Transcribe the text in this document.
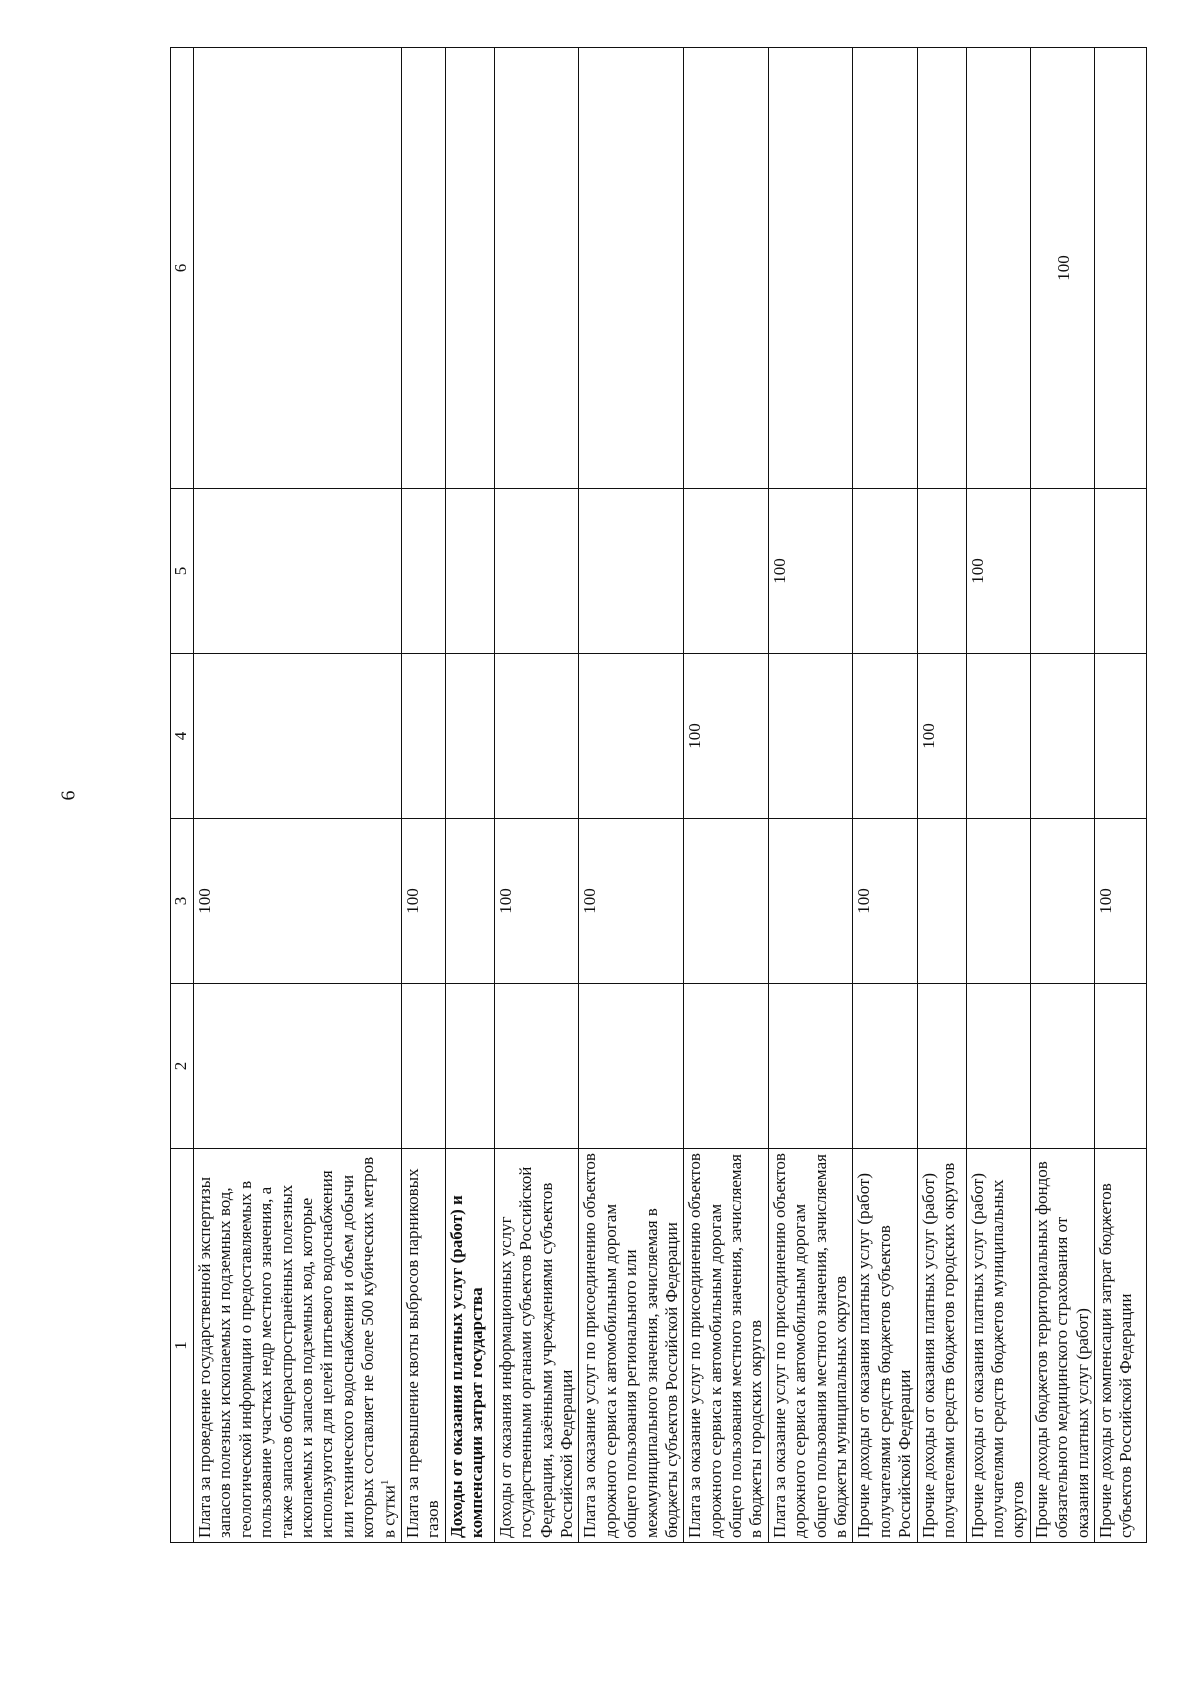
6
1	2	3	4	5	6
Плата за проведение государственной экспертизы запасов полезных ископаемых и подземных вод, геологической информации о предоставляемых в пользование участках недр местного значения, а также запасов общераспространённых полезных ископаемых и запасов подземных вод, которые используются для целей питьевого водоснабжения или технического водоснабжения и объем добычи которых составляет не более 500 кубических метров в сутки$^1$		100			
Плата за превышение квоты выбросов парниковых газов		100			
Доходы от оказания платных услуг (работ) и компенсации затрат государства					
Доходы от оказания информационных услуг государственными органами субъектов Российской Федерации, казёнными учреждениями субъектов Российской Федерации		100			
Плата за оказание услуг по присоединению объектов дорожного сервиса к автомобильным дорогам общего пользования регионального или межмуниципального значения, зачисляемая в бюджеты субъектов Российской Федерации		100			
Плата за оказание услуг по присоединению объектов дорожного сервиса к автомобильным дорогам общего пользования местного значения, зачисляемая в бюджеты городских округов			100		
Плата за оказание услуг по присоединению объектов дорожного сервиса к автомобильным дорогам общего пользования местного значения, зачисляемая в бюджеты муниципальных округов				100	
Прочие доходы от оказания платных услуг (работ) получателями средств бюджетов субъектов Российской Федерации		100			
Прочие доходы от оказания платных услуг (работ) получателями средств бюджетов городских округов			100		
Прочие доходы от оказания платных услуг (работ) получателями средств бюджетов муниципальных округов				100	
Прочие доходы бюджетов территориальных фондов обязательного медицинского страхования от оказания платных услуг (работ)					100
Прочие доходы от компенсации затрат бюджетов субъектов Российской Федерации		100			
